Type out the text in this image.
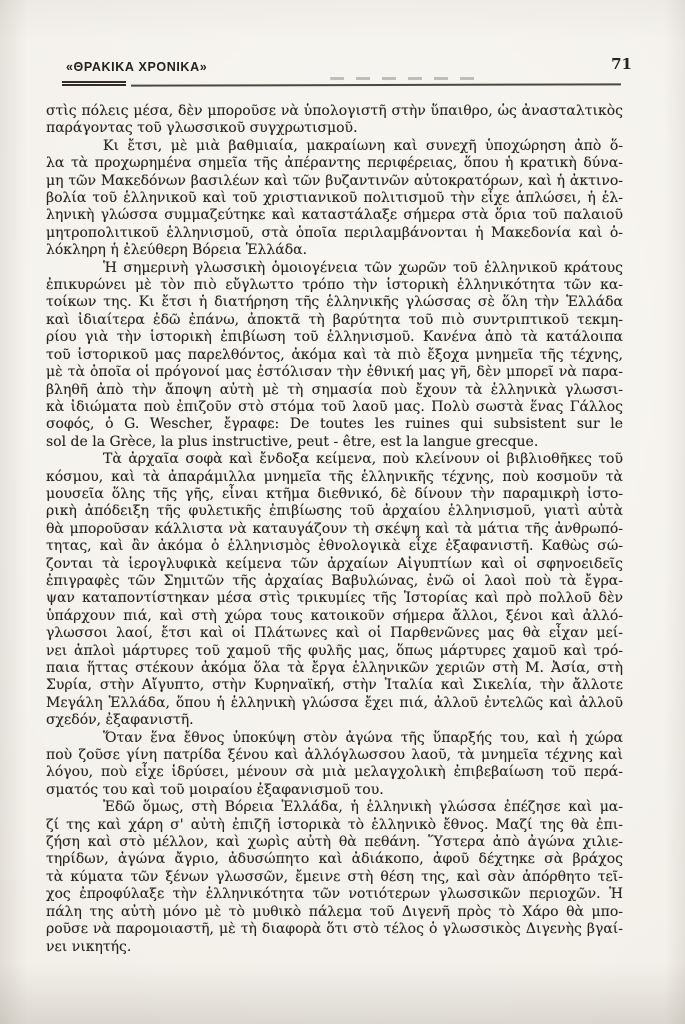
«ΘΡΑΚΙΚΑ ΧΡΟΝΙΚΑ»	71
στὶς πόλεις μέσα, δὲν μποροῦσε νὰ ὑπολογιστῆ στὴν ὕπαιθρο, ὡς ἀνασταλτικὸς
παράγοντας τοῦ γλωσσικοῦ συγχρωτισμοῦ.
Κι ἔτσι, μὲ μιὰ βαθμιαία, μακραίωνη καὶ συνεχῆ ὑποχώρηση ἀπὸ ὅ-
λα τὰ προχωρημένα σημεῖα τῆς ἀπέραντης περιφέρειας, ὅπου ἡ κρατικὴ δύνα-
μη τῶν Μακεδόνων βασιλέων καὶ τῶν βυζαντινῶν αὐτοκρατόρων, καὶ ἡ ἀκτινο-
βολία τοῦ ἑλληνικοῦ καὶ τοῦ χριστιανικοῦ πολιτισμοῦ τὴν εἶχε ἁπλώσει, ἡ ἑλ-
ληνικὴ γλώσσα συμμαζεύτηκε καὶ καταστάλαξε σήμερα στὰ ὅρια τοῦ παλαιοῦ
μητροπολιτικοῦ ἑλληνισμοῦ, στὰ ὁποῖα περιλαμβάνονται ἡ Μακεδονία καὶ ὁ-
λόκληρη ἡ ἐλεύθερη Βόρεια Ἑλλάδα.
Ἡ σημερινὴ γλωσσικὴ ὁμοιογένεια τῶν χωρῶν τοῦ ἑλληνικοῦ κράτους
ἐπικυρώνει μὲ τὸν πιὸ εὔγλωττο τρόπο τὴν ἱστορικὴ ἑλληνικότητα τῶν κα-
τοίκων της. Κι ἔτσι ἡ διατήρηση τῆς ἑλληνικῆς γλώσσας σὲ ὅλη τὴν Ἑλλάδα
καὶ ἰδιαίτερα ἐδῶ ἐπάνω, ἀποκτᾶ τὴ βαρύτητα τοῦ πιὸ συντριπτικοῦ τεκμη-
ρίου γιὰ τὴν ἱστορικὴ ἐπιβίωση τοῦ ἑλληνισμοῦ. Κανένα ἀπὸ τὰ κατάλοιπα
τοῦ ἱστορικοῦ μας παρελθόντος, ἀκόμα καὶ τὰ πιὸ ἔξοχα μνημεῖα τῆς τέχνης,
μὲ τὰ ὁποῖα οἱ πρόγονοί μας ἐστόλισαν τὴν ἐθνική μας γῆ, δὲν μπορεῖ νὰ παρα-
βληθῆ ἀπὸ τὴν ἄποψη αὐτὴ μὲ τὴ σημασία ποὺ ἔχουν τὰ ἑλληνικὰ γλωσσι-
κὰ ἰδιώματα ποὺ ἐπιζοῦν στὸ στόμα τοῦ λαοῦ μας. Πολὺ σωστὰ ἕνας Γάλλος
σοφός, ὁ G. Wescher, ἔγραφε: De toutes les ruines qui subsistent sur le
sol de la Grèce, la plus instructive, peut - être, est la langue grecque.
Τὰ ἀρχαῖα σοφὰ καὶ ἔνδοξα κείμενα, ποὺ κλείνουν οἱ βιβλιοθῆκες τοῦ
κόσμου, καὶ τὰ ἀπαράμιλλα μνημεῖα τῆς ἑλληνικῆς τέχνης, ποὺ κοσμοῦν τὰ
μουσεῖα ὅλης τῆς γῆς, εἶναι κτῆμα διεθνικό, δὲ δίνουν τὴν παραμικρὴ ἱστο-
ρικὴ ἀπόδειξη τῆς φυλετικῆς ἐπιβίωσης τοῦ ἀρχαίου ἑλληνισμοῦ, γιατὶ αὐτὰ
θὰ μποροῦσαν κάλλιστα νὰ καταυγάζουν τὴ σκέψη καὶ τὰ μάτια τῆς ἀνθρωπό-
τητας, καὶ ἂν ἀκόμα ὁ ἑλληνισμὸς ἐθνολογικὰ εἶχε ἐξαφανιστῆ. Καθὼς σώ-
ζονται τὰ ἱερογλυφικὰ κείμενα τῶν ἀρχαίων Αἰγυπτίων καὶ οἱ σφηνοειδεῖς
ἐπιγραφὲς τῶν Σημιτῶν τῆς ἀρχαίας Βαβυλώνας, ἐνῶ οἱ λαοὶ ποὺ τὰ ἔγρα-
ψαν καταποντίστηκαν μέσα στὶς τρικυμίες τῆς Ἱστορίας καὶ πρὸ πολλοῦ δὲν
ὑπάρχουν πιά, καὶ στὴ χώρα τους κατοικοῦν σήμερα ἄλλοι, ξένοι καὶ ἀλλό-
γλωσσοι λαοί, ἔτσι καὶ οἱ Πλάτωνες καὶ οἱ Παρθενῶνες μας θὰ εἶχαν μεί-
νει ἁπλοὶ μάρτυρες τοῦ χαμοῦ τῆς φυλῆς μας, ὅπως μάρτυρες χαμοῦ καὶ τρό-
παια ἥττας στέκουν ἀκόμα ὅλα τὰ ἔργα ἑλληνικῶν χεριῶν στὴ Μ. Ἀσία, στὴ
Συρία, στὴν Αἴγυπτο, στὴν Κυρηναϊκή, στὴν Ἰταλία καὶ Σικελία, τὴν ἄλλοτε
Μεγάλη Ἑλλάδα, ὅπου ἡ ἑλληνικὴ γλώσσα ἔχει πιά, ἀλλοῦ ἐντελῶς καὶ ἀλλοῦ
σχεδόν, ἐξαφανιστῆ.
Ὅταν ἕνα ἔθνος ὑποκύψη στὸν ἀγώνα τῆς ὕπαρξής του, καὶ ἡ χώρα
ποὺ ζοῦσε γίνη πατρίδα ξένου καὶ ἀλλόγλωσσου λαοῦ, τὰ μνημεῖα τέχνης καὶ
λόγου, ποὺ εἶχε ἱδρύσει, μένουν σὰ μιὰ μελαγχολικὴ ἐπιβεβαίωση τοῦ περά-
σματός του καὶ τοῦ μοιραίου ἐξαφανισμοῦ του.
Ἐδῶ ὅμως, στὴ Βόρεια Ἑλλάδα, ἡ ἑλληνικὴ γλώσσα ἐπέζησε καὶ μα-
ζί της καὶ χάρη σ' αὐτὴ ἐπιζῆ ἱστορικὰ τὸ ἑλληνικὸ ἔθνος. Μαζί της θὰ ἐπι-
ζήση καὶ στὸ μέλλον, καὶ χωρὶς αὐτὴ θὰ πεθάνη. Ὕστερα ἀπὸ ἀγώνα χιλιε-
τηρίδων, ἀγώνα ἄγριο, ἀδυσώπητο καὶ ἀδιάκοπο, ἀφοῦ δέχτηκε σὰ βράχος
τὰ κύματα τῶν ξένων γλωσσῶν, ἔμεινε στὴ θέση της, καὶ σὰν ἀπόρθητο τεῖ-
χος ἐπροφύλαξε τὴν ἑλληνικότητα τῶν νοτιότερων γλωσσικῶν περιοχῶν. Ἡ
πάλη της αὐτὴ μόνο μὲ τὸ μυθικὸ πάλεμα τοῦ Διγενῆ πρὸς τὸ Χάρο θὰ μπο-
ροῦσε νὰ παρομοιαστῆ, μὲ τὴ διαφορὰ ὅτι στὸ τέλος ὁ γλωσσικὸς Διγενὴς βγαί-
νει νικητής.
